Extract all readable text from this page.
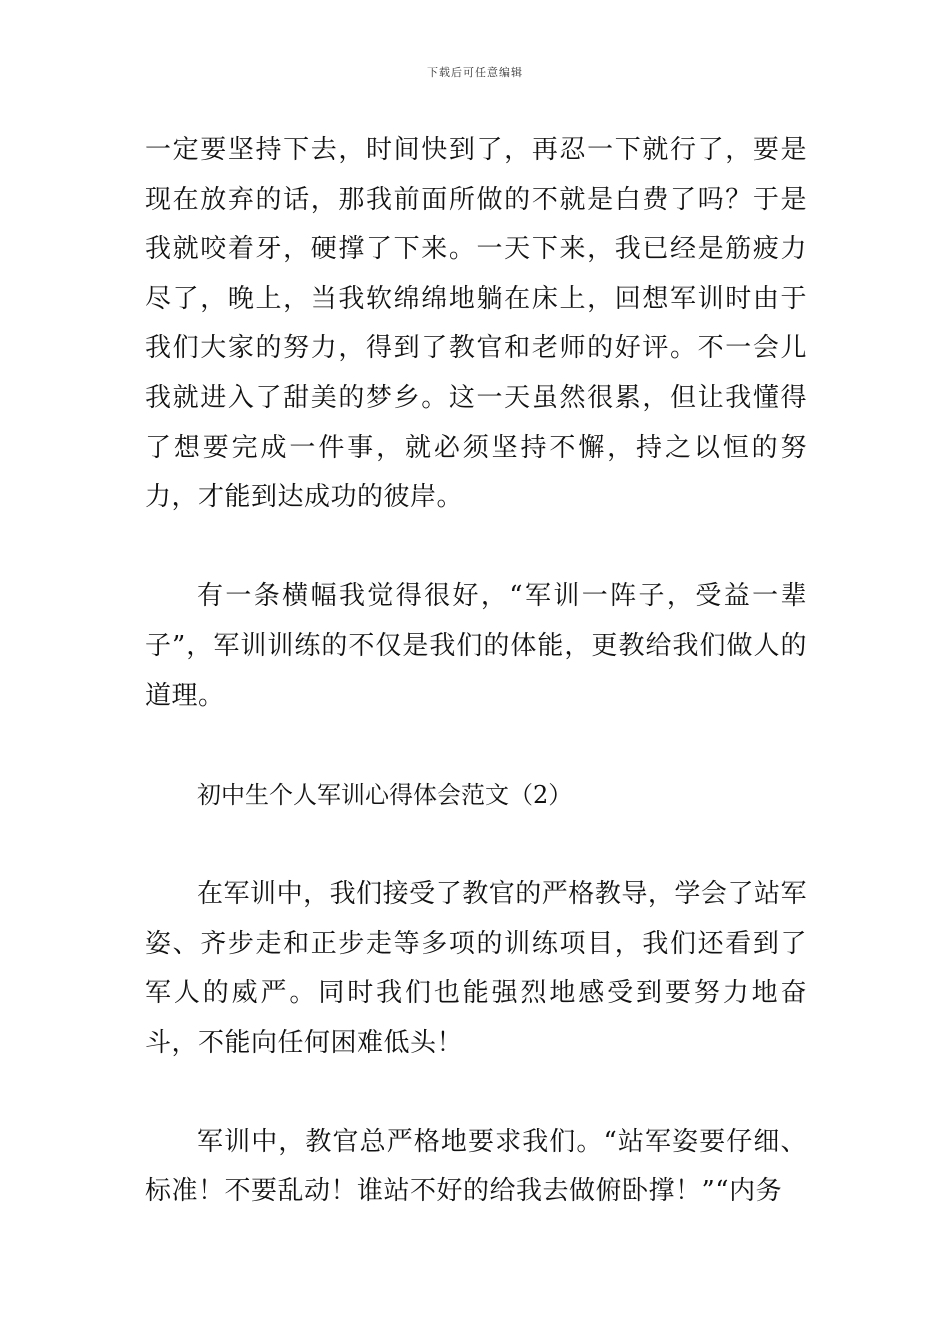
下载后可任意编辑

一定要坚持下去，时间快到了，再忍一下就行了，要是现在放弃的话，那我前面所做的不就是白费了吗？于是我就咬着牙，硬撑了下来。一天下来，我已经是筋疲力尽了，晚上，当我软绵绵地躺在床上，回想军训时由于我们大家的努力，得到了教官和老师的好评。不一会儿我就进入了甜美的梦乡。这一天虽然很累，但让我懂得了想要完成一件事，就必须坚持不懈，持之以恒的努力，才能到达成功的彼岸。

有一条横幅我觉得很好，“军训一阵子，受益一辈子”，军训训练的不仅是我们的体能，更教给我们做人的道理。

初中生个人军训心得体会范文（2）

在军训中，我们接受了教官的严格教导，学会了站军姿、齐步走和正步走等多项的训练项目，我们还看到了军人的威严。同时我们也能强烈地感受到要努力地奋斗，不能向任何困难低头！

军训中，教官总严格地要求我们。“站军姿要仔细、标准！不要乱动！谁站不好的给我去做俯卧撑！”“内务
